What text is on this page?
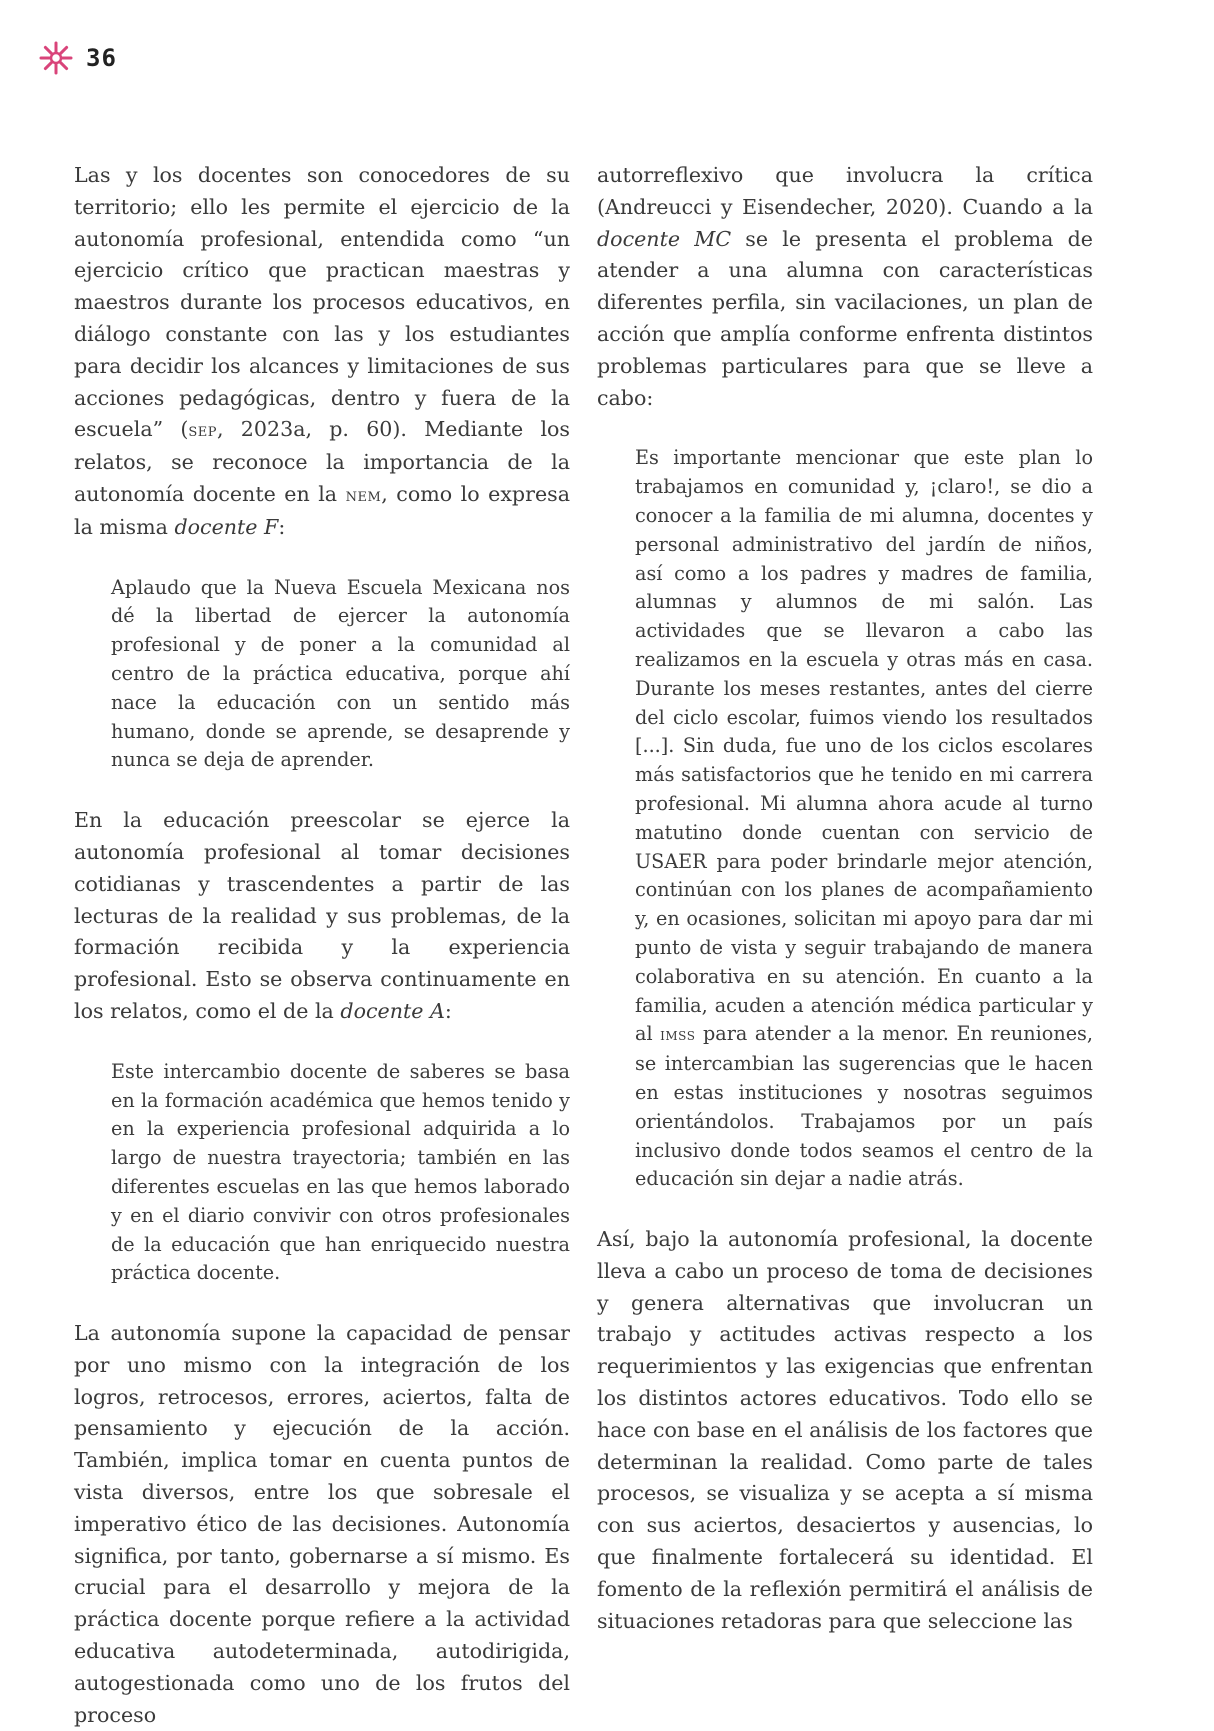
36

Las y los docentes son conocedores de su territorio; ello les permite el ejercicio de la autonomía profesional, entendida como “un ejercicio crítico que practican maestras y maestros durante los procesos educativos, en diálogo constante con las y los estudiantes para decidir los alcances y limitaciones de sus acciones pedagógicas, dentro y fuera de la escuela” (sep, 2023a, p. 60). Mediante los relatos, se reconoce la importancia de la autonomía docente en la nem, como lo expresa la misma docente F:

Aplaudo que la Nueva Escuela Mexicana nos dé la libertad de ejercer la autonomía profesional y de poner a la comunidad al centro de la práctica educativa, porque ahí nace la educación con un sentido más humano, donde se aprende, se desaprende y nunca se deja de aprender.

En la educación preescolar se ejerce la autonomía profesional al tomar decisiones cotidianas y trascendentes a partir de las lecturas de la realidad y sus problemas, de la formación recibida y la experiencia profesional. Esto se observa continuamente en los relatos, como el de la docente A:

Este intercambio docente de saberes se basa en la formación académica que hemos tenido y en la experiencia profesional adquirida a lo largo de nuestra trayectoria; también en las diferentes escuelas en las que hemos laborado y en el diario convivir con otros profesionales de la educación que han enriquecido nuestra práctica docente.

La autonomía supone la capacidad de pensar por uno mismo con la integración de los logros, retrocesos, errores, aciertos, falta de pensamiento y ejecución de la acción. También, implica tomar en cuenta puntos de vista diversos, entre los que sobresale el imperativo ético de las decisiones. Autonomía significa, por tanto, gobernarse a sí mismo. Es crucial para el desarrollo y mejora de la práctica docente porque refiere a la actividad educativa autodeterminada, autodirigida, autogestionada como uno de los frutos del proceso

autorreflexivo que involucra la crítica (Andreucci y Eisendecher, 2020). Cuando a la docente MC se le presenta el problema de atender a una alumna con características diferentes perfila, sin vacilaciones, un plan de acción que amplía conforme enfrenta distintos problemas particulares para que se lleve a cabo:

Es importante mencionar que este plan lo trabajamos en comunidad y, ¡claro!, se dio a conocer a la familia de mi alumna, docentes y personal administrativo del jardín de niños, así como a los padres y madres de familia, alumnas y alumnos de mi salón. Las actividades que se llevaron a cabo las realizamos en la escuela y otras más en casa. Durante los meses restantes, antes del cierre del ciclo escolar, fuimos viendo los resultados [...]. Sin duda, fue uno de los ciclos escolares más satisfactorios que he tenido en mi carrera profesional. Mi alumna ahora acude al turno matutino donde cuentan con servicio de USAER para poder brindarle mejor atención, continúan con los planes de acompañamiento y, en ocasiones, solicitan mi apoyo para dar mi punto de vista y seguir trabajando de manera colaborativa en su atención. En cuanto a la familia, acuden a atención médica particular y al imss para atender a la menor. En reuniones, se intercambian las sugerencias que le hacen en estas instituciones y nosotras seguimos orientándolos. Trabajamos por un país inclusivo donde todos seamos el centro de la educación sin dejar a nadie atrás.

Así, bajo la autonomía profesional, la docente lleva a cabo un proceso de toma de decisiones y genera alternativas que involucran un trabajo y actitudes activas respecto a los requerimientos y las exigencias que enfrentan los distintos actores educativos. Todo ello se hace con base en el análisis de los factores que determinan la realidad. Como parte de tales procesos, se visualiza y se acepta a sí misma con sus aciertos, desaciertos y ausencias, lo que finalmente fortalecerá su identidad. El fomento de la reflexión permitirá el análisis de situaciones retadoras para que seleccione las
